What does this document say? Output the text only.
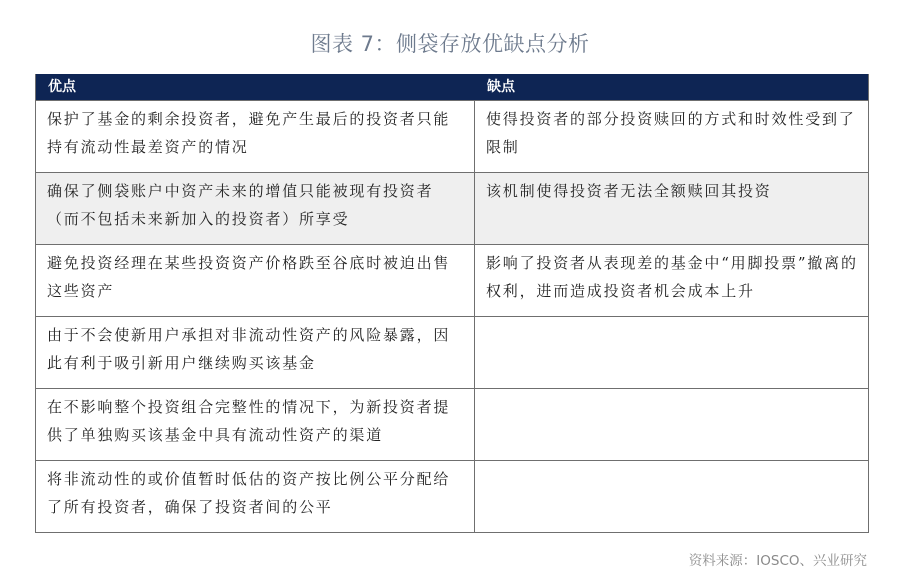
图表 7：侧袋存放优缺点分析
优点	缺点
保护了基金的剩余投资者，避免产生最后的投资者只能持有流动性最差资产的情况
使得投资者的部分投资赎回的方式和时效性受到了限制
确保了侧袋账户中资产未来的增值只能被现有投资者（而不包括未来新加入的投资者）所享受
该机制使得投资者无法全额赎回其投资
避免投资经理在某些投资资产价格跌至谷底时被迫出售这些资产
影响了投资者从表现差的基金中“用脚投票”撤离的权利，进而造成投资者机会成本上升
由于不会使新用户承担对非流动性资产的风险暴露，因此有利于吸引新用户继续购买该基金
在不影响整个投资组合完整性的情况下，为新投资者提供了单独购买该基金中具有流动性资产的渠道
将非流动性的或价值暂时低估的资产按比例公平分配给了所有投资者，确保了投资者间的公平
资料来源：IOSCO、兴业研究
